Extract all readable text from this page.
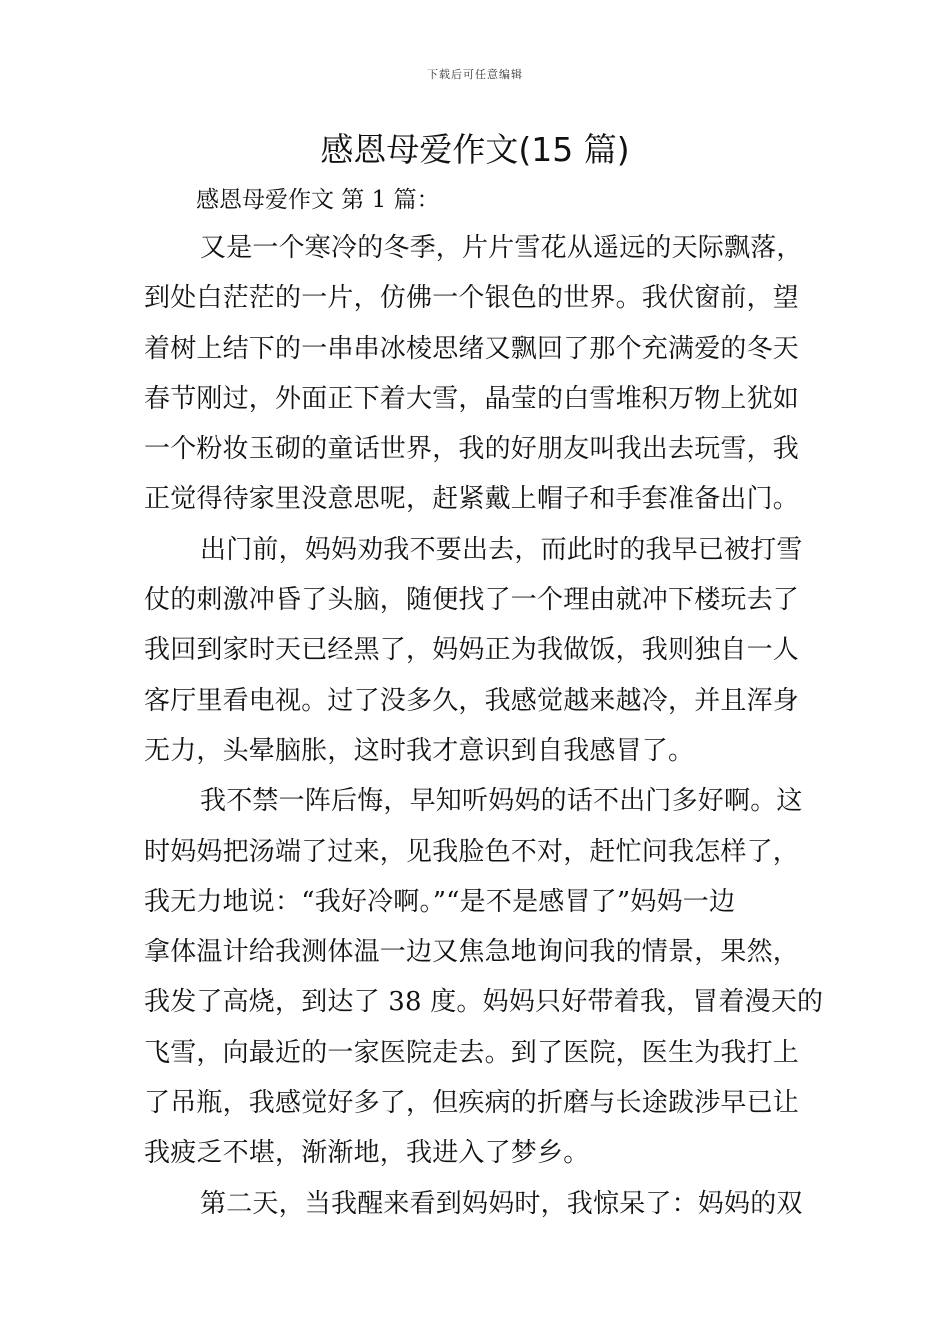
下载后可任意编辑
感恩母爱作文(15 篇)
感恩母爱作文 第 1 篇：
又是一个寒冷的冬季，片片雪花从遥远的天际飘落，
到处白茫茫的一片，仿佛一个银色的世界。我伏窗前，望
着树上结下的一串串冰棱思绪又飘回了那个充满爱的冬天
春节刚过，外面正下着大雪，晶莹的白雪堆积万物上犹如
一个粉妆玉砌的童话世界，我的好朋友叫我出去玩雪，我
正觉得待家里没意思呢，赶紧戴上帽子和手套准备出门。
出门前，妈妈劝我不要出去，而此时的我早已被打雪
仗的刺激冲昏了头脑，随便找了一个理由就冲下楼玩去了
我回到家时天已经黑了，妈妈正为我做饭，我则独自一人
客厅里看电视。过了没多久，我感觉越来越冷，并且浑身
无力，头晕脑胀，这时我才意识到自我感冒了。
我不禁一阵后悔，早知听妈妈的话不出门多好啊。这
时妈妈把汤端了过来，见我脸色不对，赶忙问我怎样了，
我无力地说：“我好冷啊。”“是不是感冒了”妈妈一边
拿体温计给我测体温一边又焦急地询问我的情景，果然，
我发了高烧，到达了 38 度。妈妈只好带着我，冒着漫天的
飞雪，向最近的一家医院走去。到了医院，医生为我打上
了吊瓶，我感觉好多了，但疾病的折磨与长途跋涉早已让
我疲乏不堪，渐渐地，我进入了梦乡。
第二天，当我醒来看到妈妈时，我惊呆了：妈妈的双
